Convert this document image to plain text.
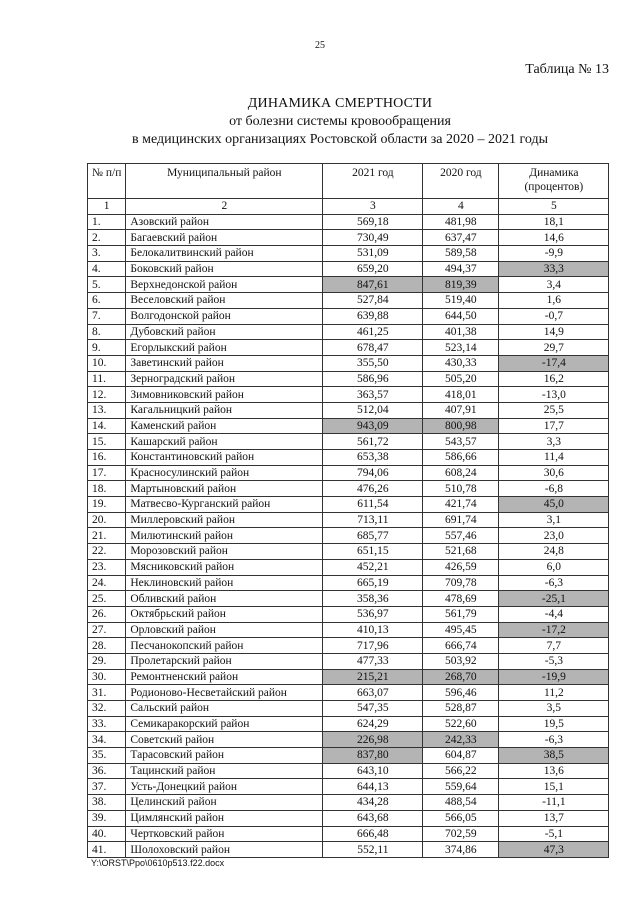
25
Таблица № 13
ДИНАМИКА СМЕРТНОСТИ
от болезни системы кровообращения
в медицинских организациях Ростовской области за 2020 – 2021 годы
№ п/п	Муниципальный район	2021 год	2020 год	Динамика (процентов)
1	2	3	4	5
1.	Азовский район	569,18	481,98	18,1
2.	Багаевский район	730,49	637,47	14,6
3.	Белокалитвинский район	531,09	589,58	-9,9
4.	Боковский район	659,20	494,37	33,3
5.	Верхнедонской район	847,61	819,39	3,4
6.	Веселовский район	527,84	519,40	1,6
7.	Волгодонской район	639,88	644,50	-0,7
8.	Дубовский район	461,25	401,38	14,9
9.	Егорлыкский район	678,47	523,14	29,7
10.	Заветинский район	355,50	430,33	-17,4
11.	Зерноградский район	586,96	505,20	16,2
12.	Зимовниковский район	363,57	418,01	-13,0
13.	Кагальницкий район	512,04	407,91	25,5
14.	Каменский район	943,09	800,98	17,7
15.	Кашарский район	561,72	543,57	3,3
16.	Константиновский район	653,38	586,66	11,4
17.	Красносулинский район	794,06	608,24	30,6
18.	Мартыновский район	476,26	510,78	-6,8
19.	Матвесво-Курганский район	611,54	421,74	45,0
20.	Миллеровский район	713,11	691,74	3,1
21.	Милютинский район	685,77	557,46	23,0
22.	Морозовский район	651,15	521,68	24,8
23.	Мясниковский район	452,21	426,59	6,0
24.	Неклиновский район	665,19	709,78	-6,3
25.	Обливский район	358,36	478,69	-25,1
26.	Октябрьский район	536,97	561,79	-4,4
27.	Орловский район	410,13	495,45	-17,2
28.	Песчанокопский район	717,96	666,74	7,7
29.	Пролетарский район	477,33	503,92	-5,3
30.	Ремонтненский район	215,21	268,70	-19,9
31.	Родионово-Несветайский район	663,07	596,46	11,2
32.	Сальский район	547,35	528,87	3,5
33.	Семикаракорский район	624,29	522,60	19,5
34.	Советский район	226,98	242,33	-6,3
35.	Тарасовский район	837,80	604,87	38,5
36.	Тацинский район	643,10	566,22	13,6
37.	Усть-Донецкий район	644,13	559,64	15,1
38.	Целинский район	434,28	488,54	-11,1
39.	Цимлянский район	643,68	566,05	13,7
40.	Чертковский район	666,48	702,59	-5,1
41.	Шолоховский район	552,11	374,86	47,3
Y:\ORST\Ppo\0610p513.f22.docx
